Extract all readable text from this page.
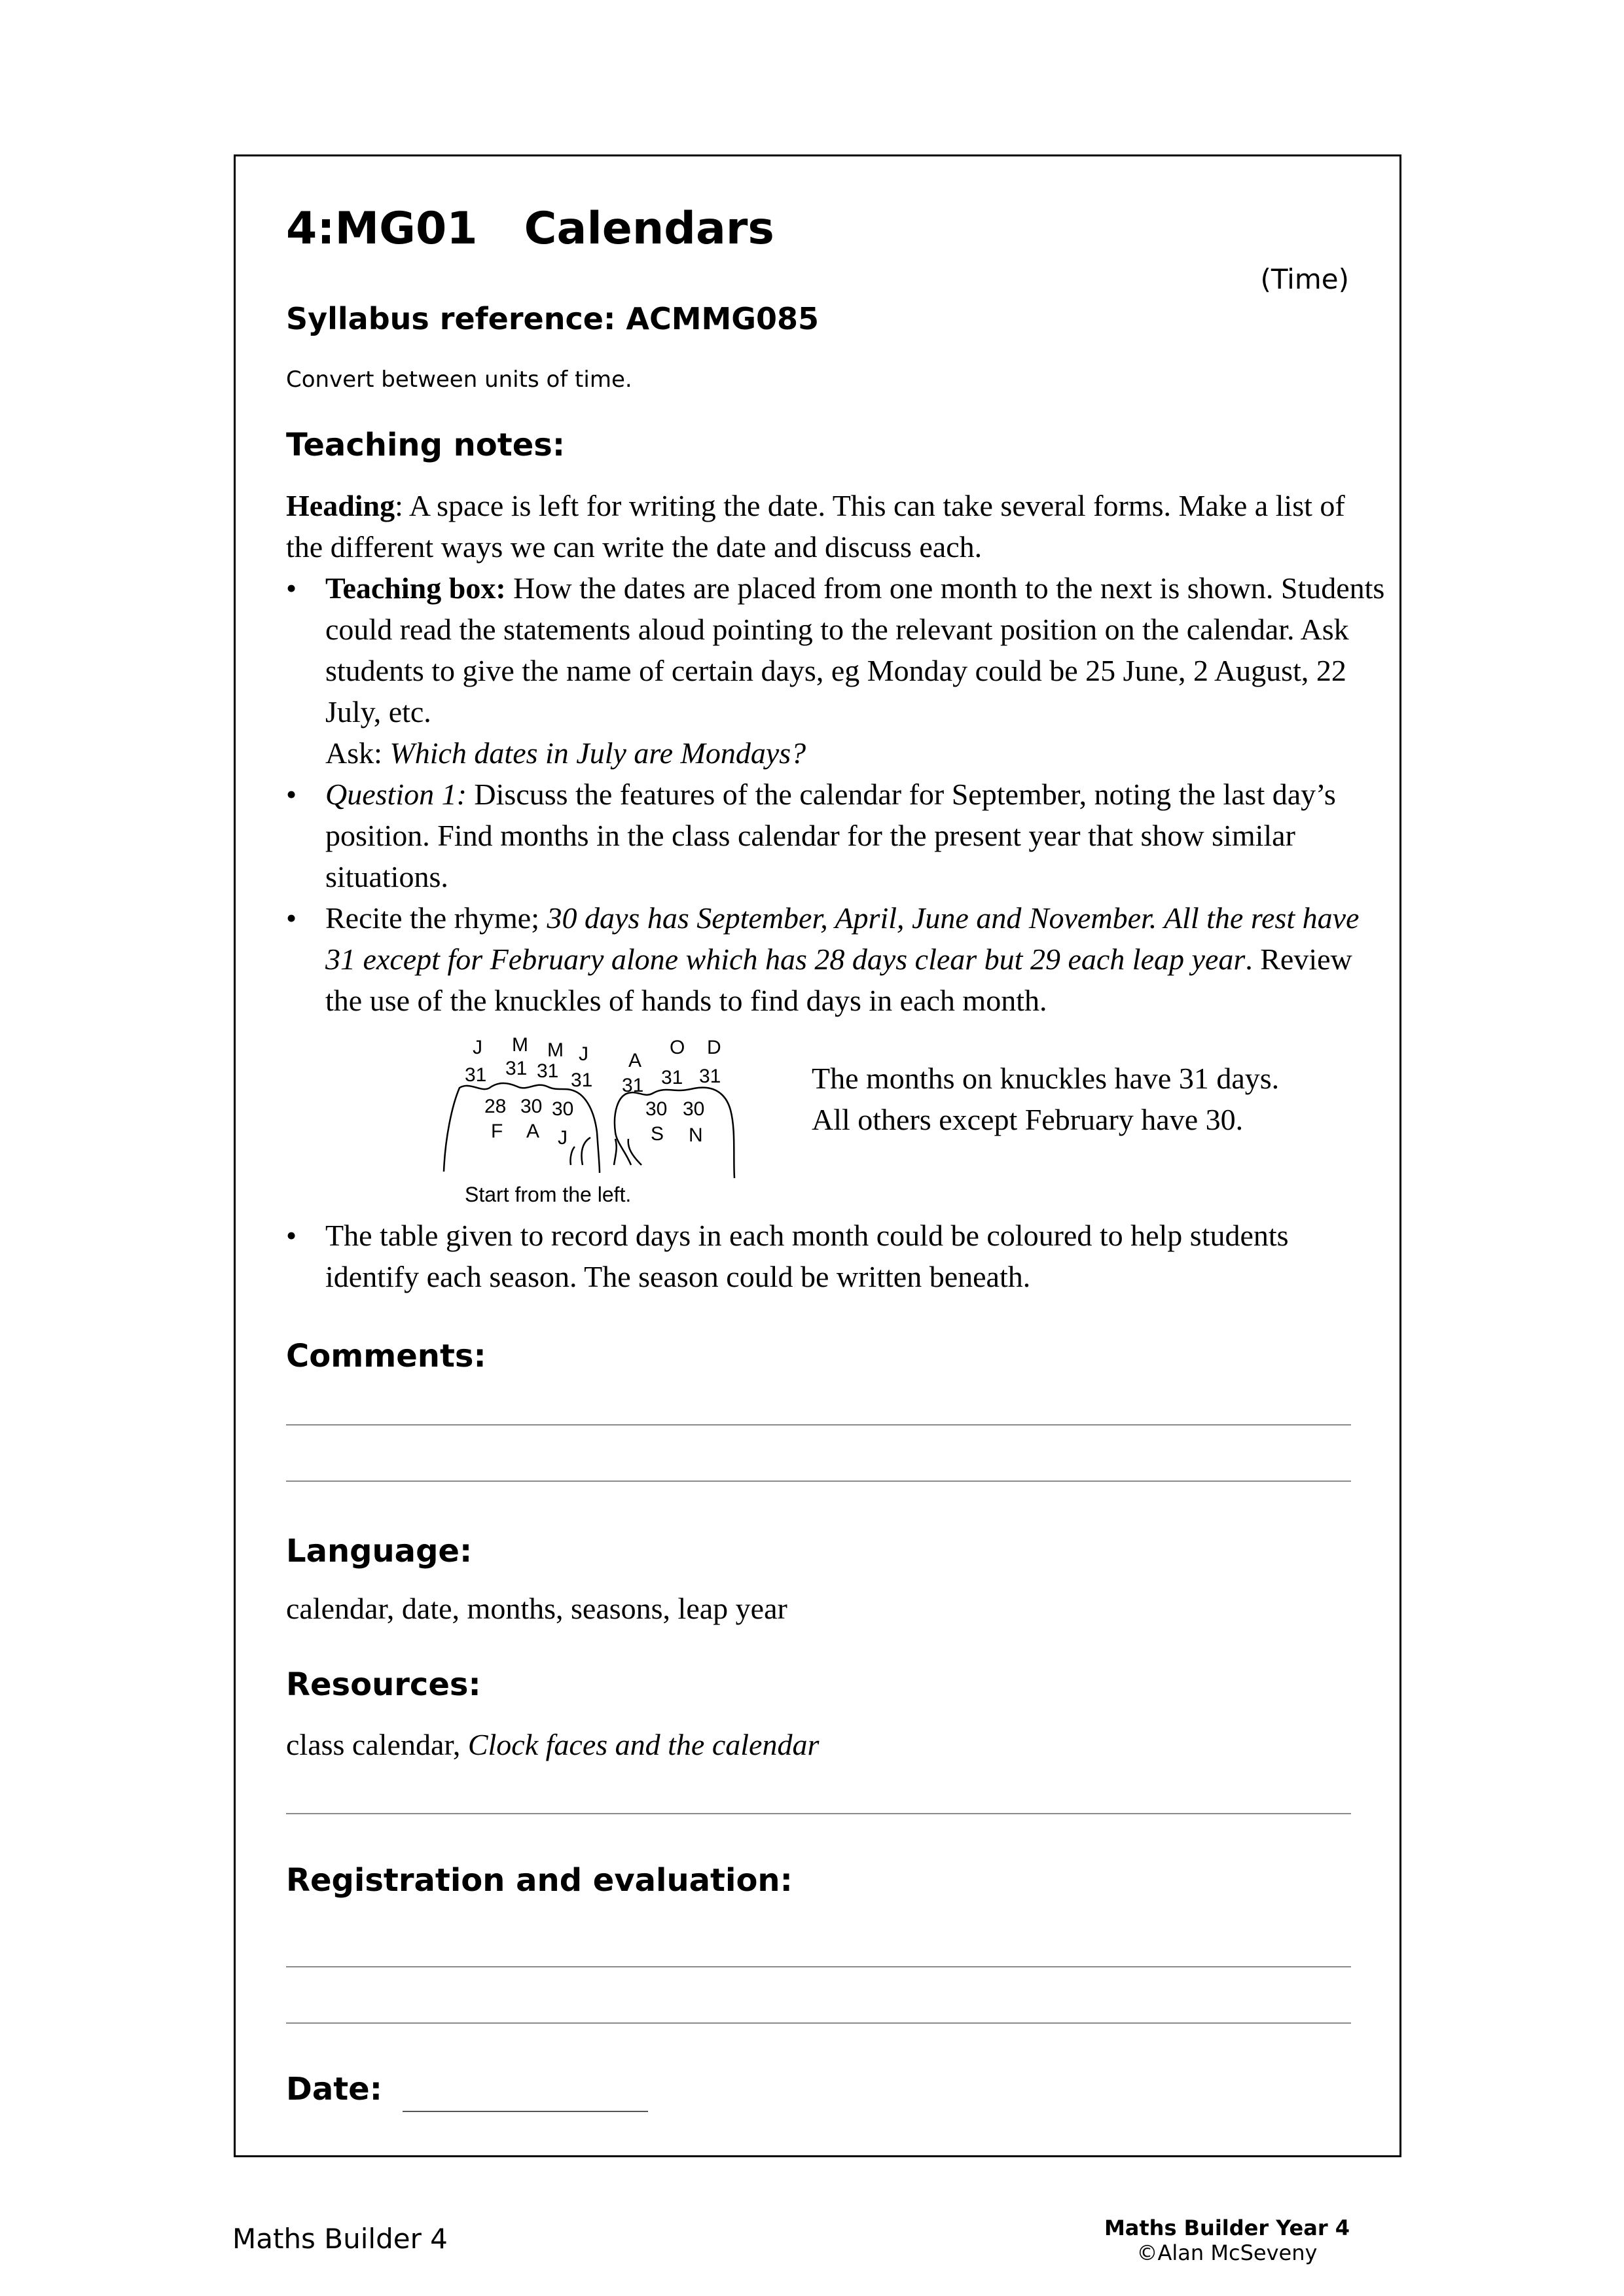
4:MG01 Calendars
(Time)
Syllabus reference: ACMMG085
Convert between units of time.
Teaching notes:
Heading: A space is left for writing the date. This can take several forms. Make a list of the different ways we can write the date and discuss each.
• Teaching box: How the dates are placed from one month to the next is shown. Students could read the statements aloud pointing to the relevant position on the calendar. Ask students to give the name of certain days, eg Monday could be 25 June, 2 August, 22 July, etc.
Ask: Which dates in July are Mondays?
• Question 1: Discuss the features of the calendar for September, noting the last day’s position. Find months in the class calendar for the present year that show similar situations.
• Recite the rhyme; 30 days has September, April, June and November. All the rest have 31 except for February alone which has 28 days clear but 29 each leap year. Review the use of the knuckles of hands to find days in each month.
J M M J
31 31 31 31
28 30 30
F A J
A
O D
31 31 31
30 30
S N
Start from the left.
The months on knuckles have 31 days.
All others except February have 30.
• The table given to record days in each month could be coloured to help students identify each season. The season could be written beneath.
Comments:
Language:
calendar, date, months, seasons, leap year
Resources:
class calendar, Clock faces and the calendar
Registration and evaluation:
Date:
Maths Builder 4	Maths Builder Year 4
©Alan McSeveny
